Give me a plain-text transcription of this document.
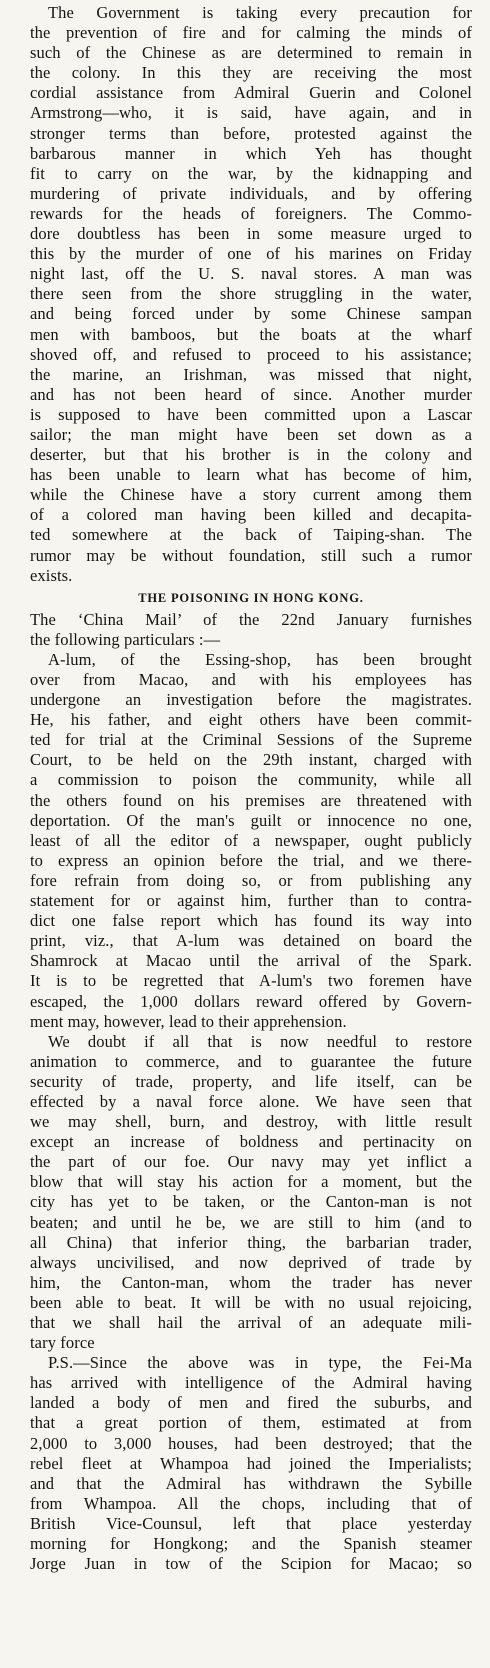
The Government is taking every precaution for
the prevention of fire and for calming the minds of
such of the Chinese as are determined to remain in
the colony. In this they are receiving the most
cordial assistance from Admiral Guerin and Colonel
Armstrong—who, it is said, have again, and in
stronger terms than before, protested against the
barbarous manner in which Yeh has thought
fit to carry on the war, by the kidnapping and
murdering of private individuals, and by offering
rewards for the heads of foreigners. The Commo-
dore doubtless has been in some measure urged to
this by the murder of one of his marines on Friday
night last, off the U. S. naval stores. A man was
there seen from the shore struggling in the water,
and being forced under by some Chinese sampan
men with bamboos, but the boats at the wharf
shoved off, and refused to proceed to his assistance;
the marine, an Irishman, was missed that night,
and has not been heard of since. Another murder
is supposed to have been committed upon a Lascar
sailor; the man might have been set down as a
deserter, but that his brother is in the colony and
has been unable to learn what has become of him,
while the Chinese have a story current among them
of a colored man having been killed and decapita-
ted somewhere at the back of Taiping-shan. The
rumor may be without foundation, still such a rumor
exists.
THE POISONING IN HONG KONG.
The ‘China Mail’ of the 22nd January furnishes
the following particulars :—
A-lum, of the Essing-shop, has been brought
over from Macao, and with his employees has
undergone an investigation before the magistrates.
He, his father, and eight others have been commit-
ted for trial at the Criminal Sessions of the Supreme
Court, to be held on the 29th instant, charged with
a commission to poison the community, while all
the others found on his premises are threatened with
deportation. Of the man's guilt or innocence no one,
least of all the editor of a newspaper, ought publicly
to express an opinion before the trial, and we there-
fore refrain from doing so, or from publishing any
statement for or against him, further than to contra-
dict one false report which has found its way into
print, viz., that A-lum was detained on board the
Shamrock at Macao until the arrival of the Spark.
It is to be regretted that A-lum's two foremen have
escaped, the 1,000 dollars reward offered by Govern-
ment may, however, lead to their apprehension.
We doubt if all that is now needful to restore
animation to commerce, and to guarantee the future
security of trade, property, and life itself, can be
effected by a naval force alone. We have seen that
we may shell, burn, and destroy, with little result
except an increase of boldness and pertinacity on
the part of our foe. Our navy may yet inflict a
blow that will stay his action for a moment, but the
city has yet to be taken, or the Canton-man is not
beaten; and until he be, we are still to him (and to
all China) that inferior thing, the barbarian trader,
always uncivilised, and now deprived of trade by
him, the Canton-man, whom the trader has never
been able to beat. It will be with no usual rejoicing,
that we shall hail the arrival of an adequate mili-
tary force
P.S.—Since the above was in type, the Fei-Ma
has arrived with intelligence of the Admiral having
landed a body of men and fired the suburbs, and
that a great portion of them, estimated at from
2,000 to 3,000 houses, had been destroyed; that the
rebel fleet at Whampoa had joined the Imperialists;
and that the Admiral has withdrawn the Sybille
from Whampoa. All the chops, including that of
British Vice-Counsul, left that place yesterday
morning for Hongkong; and the Spanish steamer
Jorge Juan in tow of the Scipion for Macao; so
